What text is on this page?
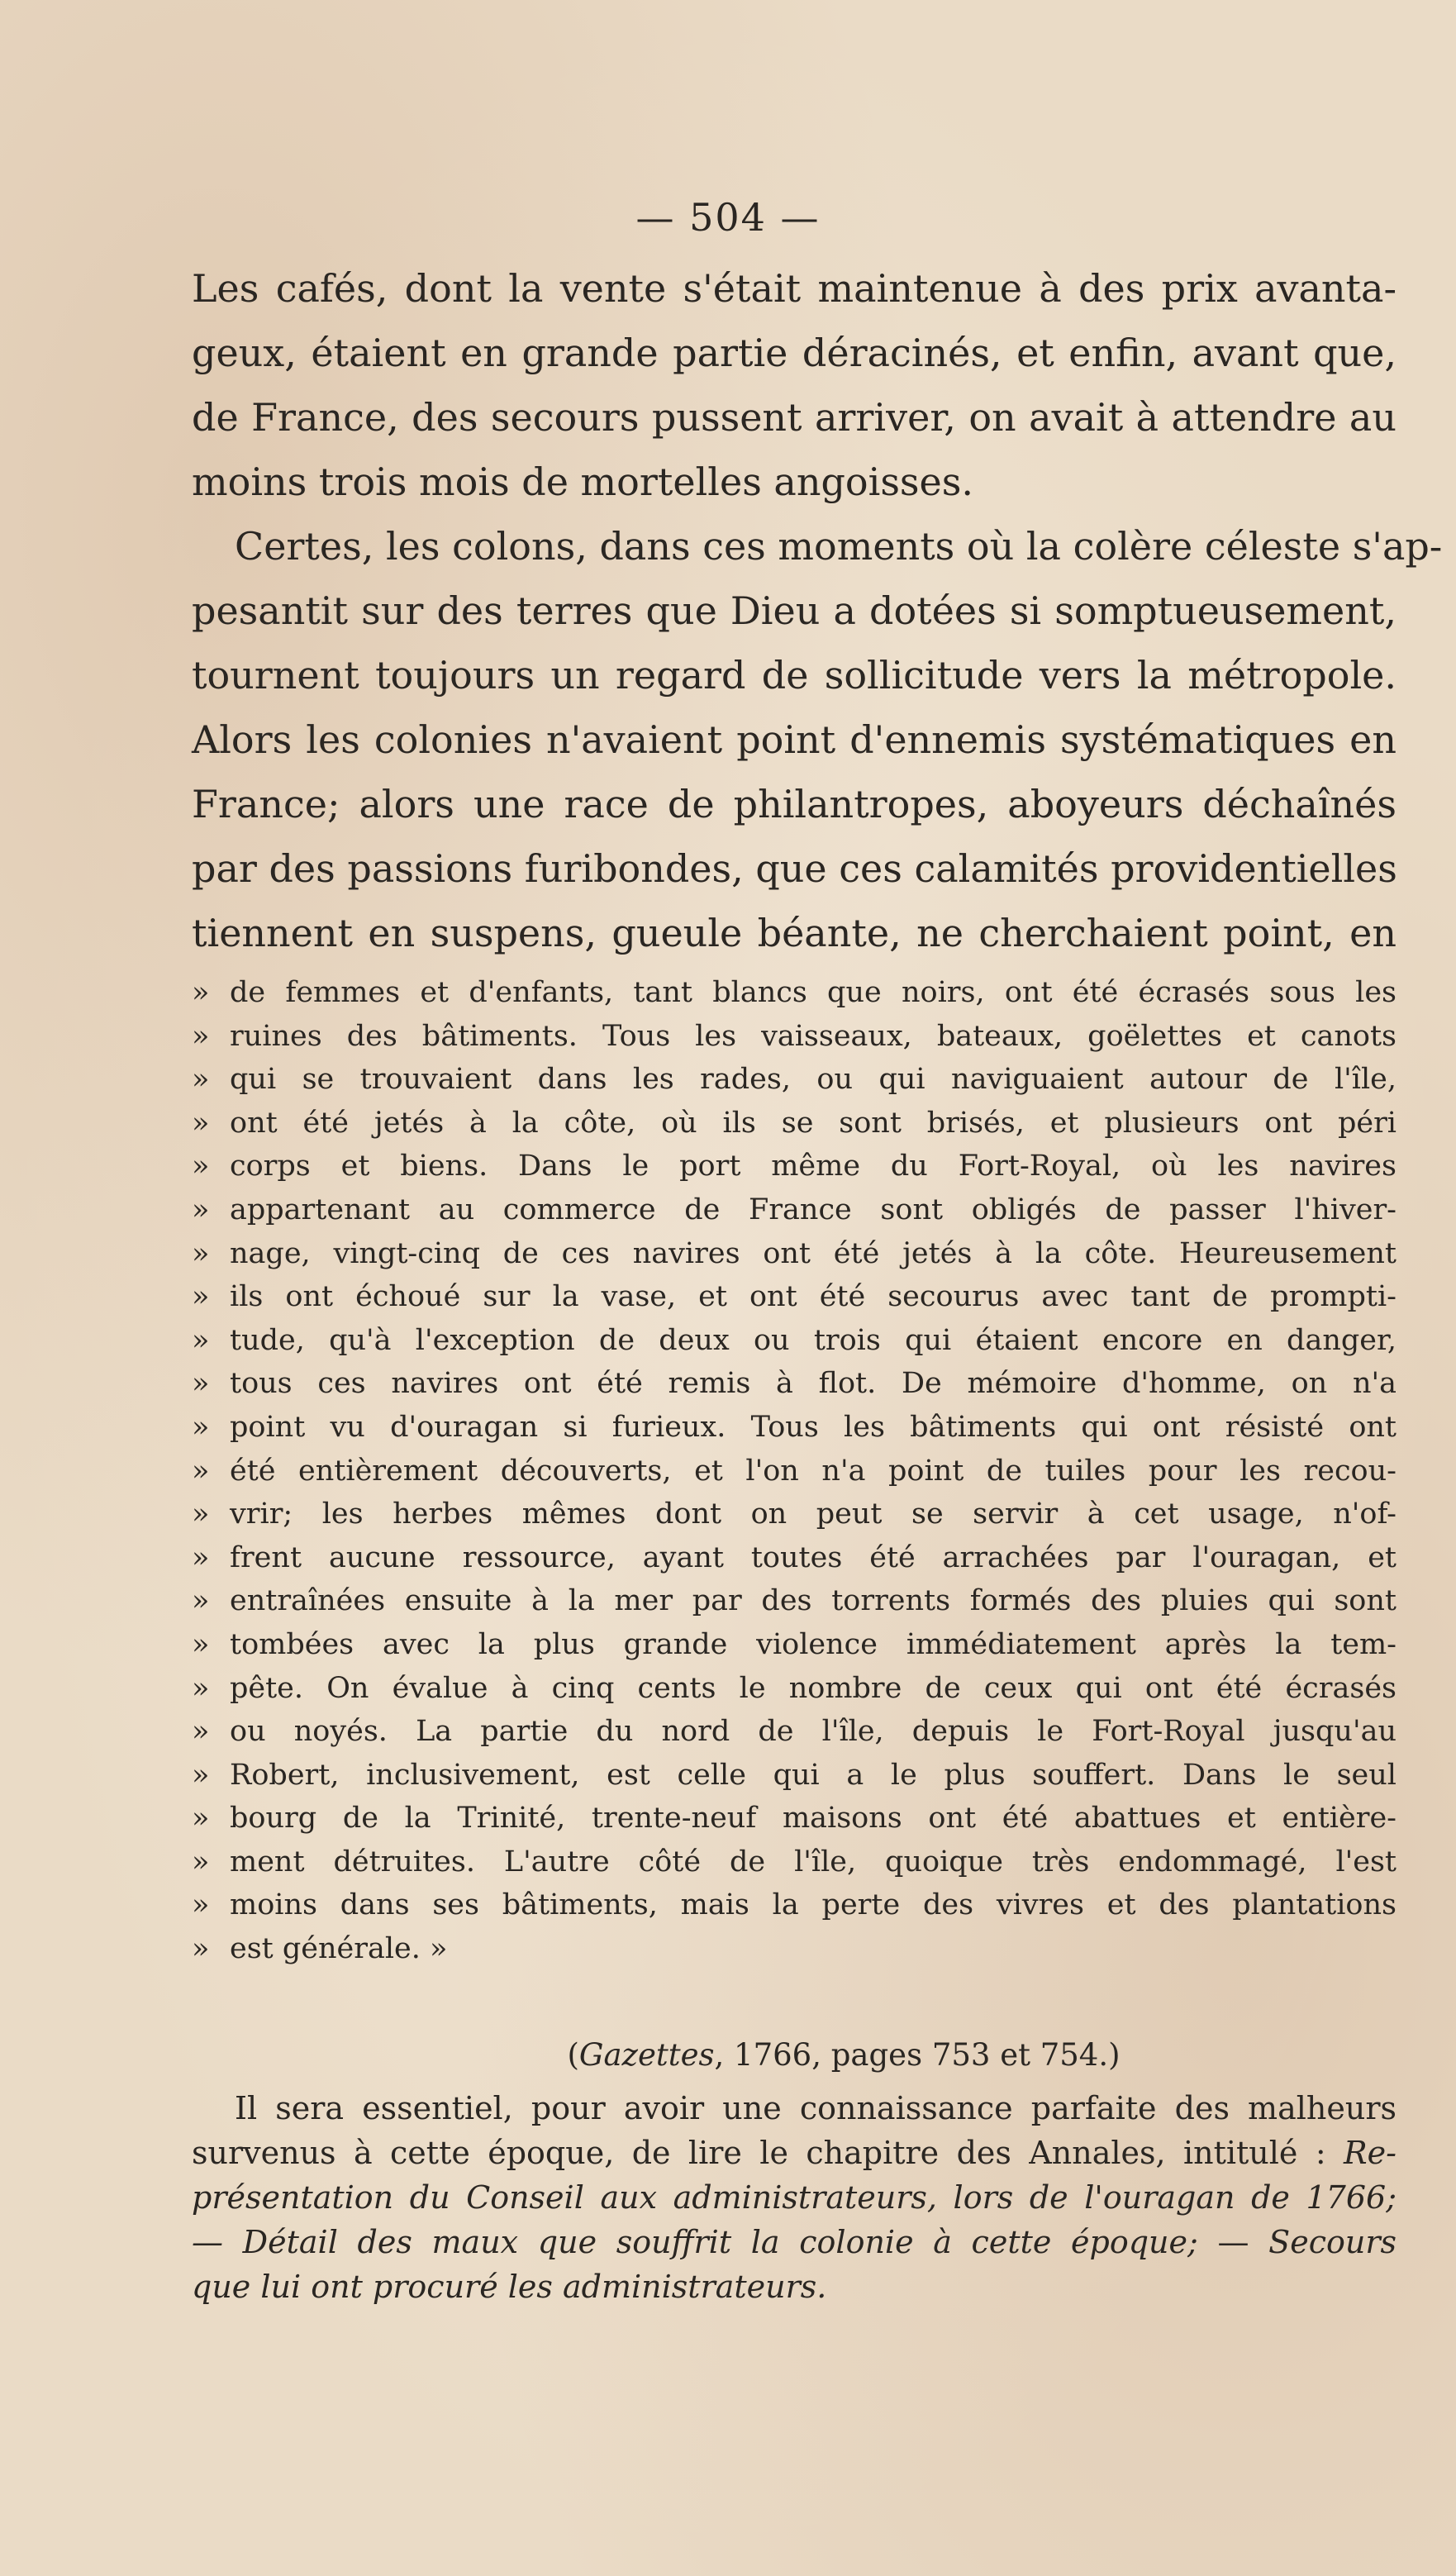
— 504 —
Les cafés, dont la vente s'était maintenue à des prix avanta-
geux, étaient en grande partie déracinés, et enfin, avant que,
de France, des secours pussent arriver, on avait à attendre au
moins trois mois de mortelles angoisses.
Certes, les colons, dans ces moments où la colère céleste s'ap-
pesantit sur des terres que Dieu a dotées si somptueusement,
tournent toujours un regard de sollicitude vers la métropole.
Alors les colonies n'avaient point d'ennemis systématiques en
France; alors une race de philantropes, aboyeurs déchaînés
par des passions furibondes, que ces calamités providentielles
tiennent en suspens, gueule béante, ne cherchaient point, en
» de femmes et d'enfants, tant blancs que noirs, ont été écrasés sous les
» ruines des bâtiments. Tous les vaisseaux, bateaux, goëlettes et canots
» qui se trouvaient dans les rades, ou qui naviguaient autour de l'île,
» ont été jetés à la côte, où ils se sont brisés, et plusieurs ont péri
» corps et biens. Dans le port même du Fort-Royal, où les navires
» appartenant au commerce de France sont obligés de passer l'hiver-
» nage, vingt-cinq de ces navires ont été jetés à la côte. Heureusement
» ils ont échoué sur la vase, et ont été secourus avec tant de prompti-
» tude, qu'à l'exception de deux ou trois qui étaient encore en danger,
» tous ces navires ont été remis à flot. De mémoire d'homme, on n'a
» point vu d'ouragan si furieux. Tous les bâtiments qui ont résisté ont
» été entièrement découverts, et l'on n'a point de tuiles pour les recou-
» vrir; les herbes mêmes dont on peut se servir à cet usage, n'of-
» frent aucune ressource, ayant toutes été arrachées par l'ouragan, et
» entraînées ensuite à la mer par des torrents formés des pluies qui sont
» tombées avec la plus grande violence immédiatement après la tem-
» pête. On évalue à cinq cents le nombre de ceux qui ont été écrasés
» ou noyés. La partie du nord de l'île, depuis le Fort-Royal jusqu'au
» Robert, inclusivement, est celle qui a le plus souffert. Dans le seul
» bourg de la Trinité, trente-neuf maisons ont été abattues et entière-
» ment détruites. L'autre côté de l'île, quoique très endommagé, l'est
» moins dans ses bâtiments, mais la perte des vivres et des plantations
» est générale. »
(Gazettes, 1766, pages 753 et 754.)
Il sera essentiel, pour avoir une connaissance parfaite des malheurs
survenus à cette époque, de lire le chapitre des Annales, intitulé : Re-
présentation du Conseil aux administrateurs, lors de l'ouragan de 1766;
— Détail des maux que souffrit la colonie à cette époque; — Secours
que lui ont procuré les administrateurs.
